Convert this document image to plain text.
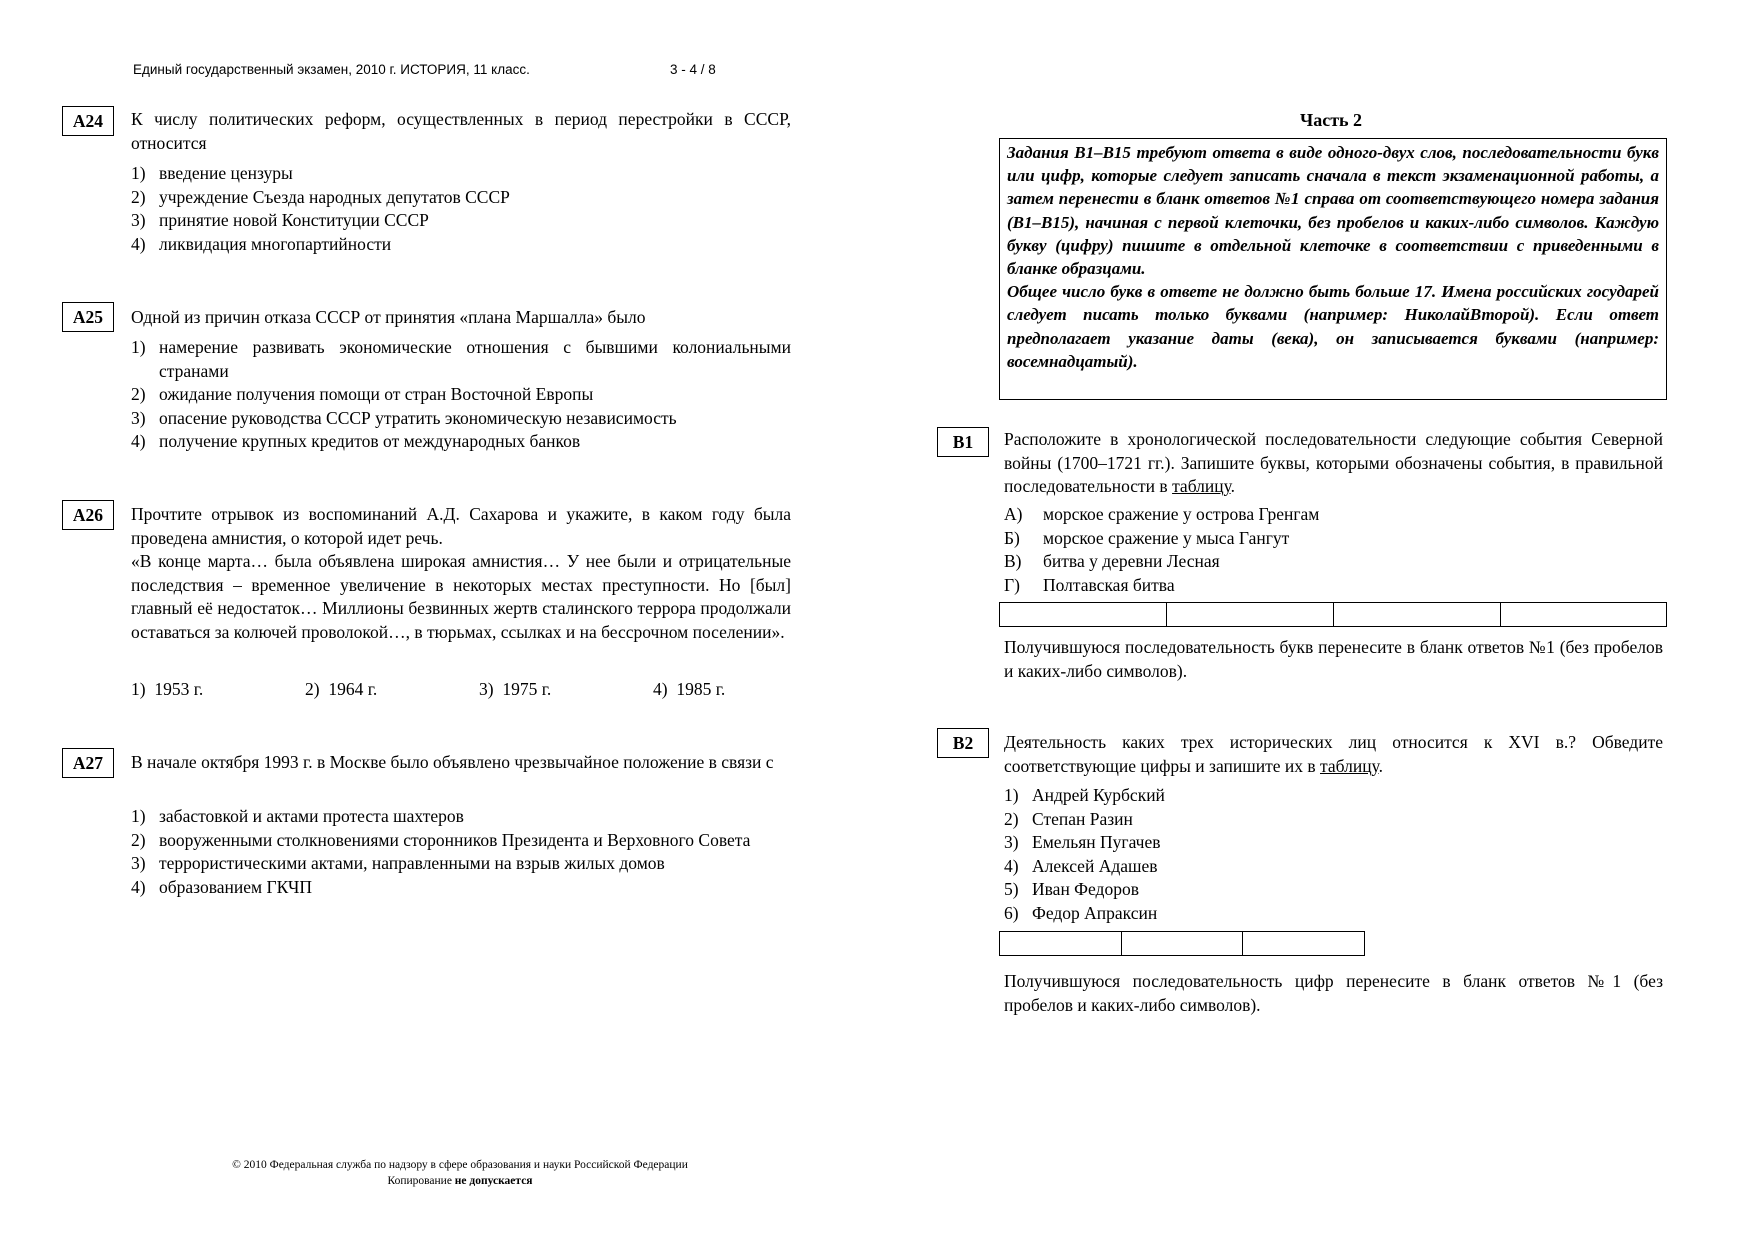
Единый государственный экзамен, 2010 г. ИСТОРИЯ, 11 класс.	3 - 4 / 8
А24	К числу политических реформ, осуществленных в период перестройки в СССР, относится
1) введение цензуры
2) учреждение Съезда народных депутатов СССР
3) принятие новой Конституции СССР
4) ликвидация многопартийности
А25	Одной из причин отказа СССР от принятия «плана Маршалла» было
1) намерение развивать экономические отношения с бывшими колониальными странами
2) ожидание получения помощи от стран Восточной Европы
3) опасение руководства СССР утратить экономическую независимость
4) получение крупных кредитов от международных банков
А26	Прочтите отрывок из воспоминаний А.Д. Сахарова и укажите, в каком году была проведена амнистия, о которой идет речь.
«В конце марта… была объявлена широкая амнистия… У нее были и отрицательные последствия – временное увеличение в некоторых местах преступности. Но [был] главный её недостаток… Миллионы безвинных жертв сталинского террора продолжали оставаться за колючей проволокой…, в тюрьмах, ссылках и на бессрочном поселении».
1)  1953 г.	2)  1964 г.	3)  1975 г.	4)  1985 г.
А27	В начале октября 1993 г. в Москве было объявлено чрезвычайное положение в связи с
1) забастовкой и актами протеста шахтеров
2) вооруженными столкновениями сторонников Президента и Верховного Совета
3) террористическими актами, направленными на взрыв жилых домов
4) образованием ГКЧП
Часть 2

Задания В1–В15 требуют ответа в виде одного-двух слов, последовательности букв или цифр, которые следует записать сначала в текст экзаменационной работы, а затем перенести в бланк ответов №1 справа от соответствующего номера задания (В1–В15), начиная с первой клеточки, без пробелов и каких-либо символов. Каждую букву (цифру) пишите в отдельной клеточке в соответствии с приведенными в бланке образцами.

Общее число букв в ответе не должно быть больше 17. Имена российских государей следует писать только буквами (например: НиколайВторой). Если ответ предполагает указание даты (века), он записывается буквами (например: восемнадцатый).

В1	Расположите в хронологической последовательности следующие события Северной войны (1700–1721 гг.). Запишите буквы, которыми обозначены события, в правильной последовательности в таблицу.
А)	морское сражение у острова Гренгам
Б)	морское сражение у мыса Гангут
В)	битва у деревни Лесная
Г)	Полтавская битва
Получившуюся последовательность букв перенесите в бланк ответов №1 (без пробелов и каких-либо символов).
В2	Деятельность каких трех исторических лиц относится к XVI в.? Обведите соответствующие цифры и запишите их в таблицу.
1) Андрей Курбский
2) Степан Разин
3) Емельян Пугачев
4) Алексей Адашев
5) Иван Федоров
6) Федор Апраксин
Получившуюся последовательность цифр перенесите в бланк ответов №1 (без пробелов и каких-либо символов).
© 2010 Федеральная служба по надзору в сфере образования и науки Российской Федерации
Копирование не допускается
